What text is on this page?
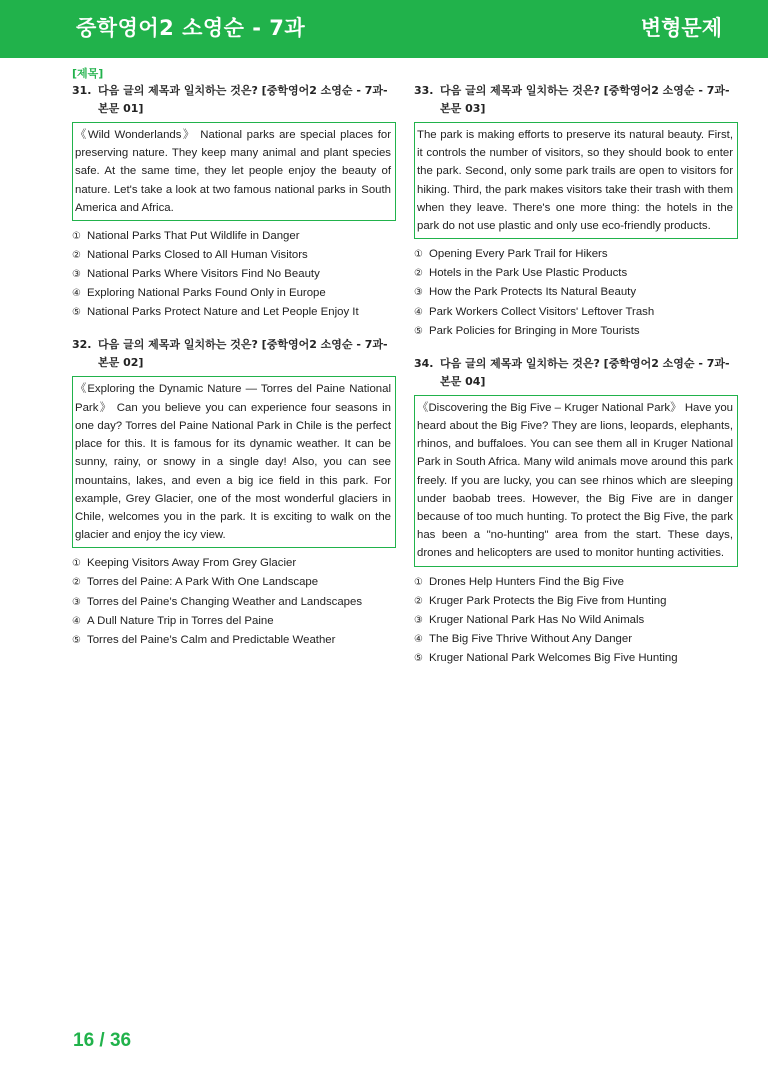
중학영어2 소영순 - 7과	변형문제
[제목]
31. 다음 글의 제목과 일치하는 것은? [중학영어2 소영순 - 7과-본문 01]
《Wild Wonderlands》 National parks are special places for preserving nature. They keep many animal and plant species safe. At the same time, they let people enjoy the beauty of nature. Let's take a look at two famous national parks in South America and Africa.
① National Parks That Put Wildlife in Danger
② National Parks Closed to All Human Visitors
③ National Parks Where Visitors Find No Beauty
④ Exploring National Parks Found Only in Europe
⑤ National Parks Protect Nature and Let People Enjoy It
32. 다음 글의 제목과 일치하는 것은? [중학영어2 소영순 - 7과-본문 02]
《Exploring the Dynamic Nature — Torres del Paine National Park》 Can you believe you can experience four seasons in one day? Torres del Paine National Park in Chile is the perfect place for this. It is famous for its dynamic weather. It can be sunny, rainy, or snowy in a single day! Also, you can see mountains, lakes, and even a big ice field in this park. For example, Grey Glacier, one of the most wonderful glaciers in Chile, welcomes you in the park. It is exciting to walk on the glacier and enjoy the icy view.
① Keeping Visitors Away From Grey Glacier
② Torres del Paine: A Park With One Landscape
③ Torres del Paine’s Changing Weather and Landscapes
④ A Dull Nature Trip in Torres del Paine
⑤ Torres del Paine’s Calm and Predictable Weather
33. 다음 글의 제목과 일치하는 것은? [중학영어2 소영순 - 7과-본문 03]
The park is making efforts to preserve its natural beauty. First, it controls the number of visitors, so they should book to enter the park. Second, only some park trails are open to visitors for hiking. Third, the park makes visitors take their trash with them when they leave. There's one more thing: the hotels in the park do not use plastic and only use eco-friendly products.
① Opening Every Park Trail for Hikers
② Hotels in the Park Use Plastic Products
③ How the Park Protects Its Natural Beauty
④ Park Workers Collect Visitors' Leftover Trash
⑤ Park Policies for Bringing in More Tourists
34. 다음 글의 제목과 일치하는 것은? [중학영어2 소영순 - 7과-본문 04]
《Discovering the Big Five – Kruger National Park》 Have you heard about the Big Five? They are lions, leopards, elephants, rhinos, and buffaloes. You can see them all in Kruger National Park in South Africa. Many wild animals move around this park freely. If you are lucky, you can see rhinos which are sleeping under baobab trees. However, the Big Five are in danger because of too much hunting. To protect the Big Five, the park has been a "no-hunting" area from the start. These days, drones and helicopters are used to monitor hunting activities.
① Drones Help Hunters Find the Big Five
② Kruger Park Protects the Big Five from Hunting
③ Kruger National Park Has No Wild Animals
④ The Big Five Thrive Without Any Danger
⑤ Kruger National Park Welcomes Big Five Hunting
16 / 36
